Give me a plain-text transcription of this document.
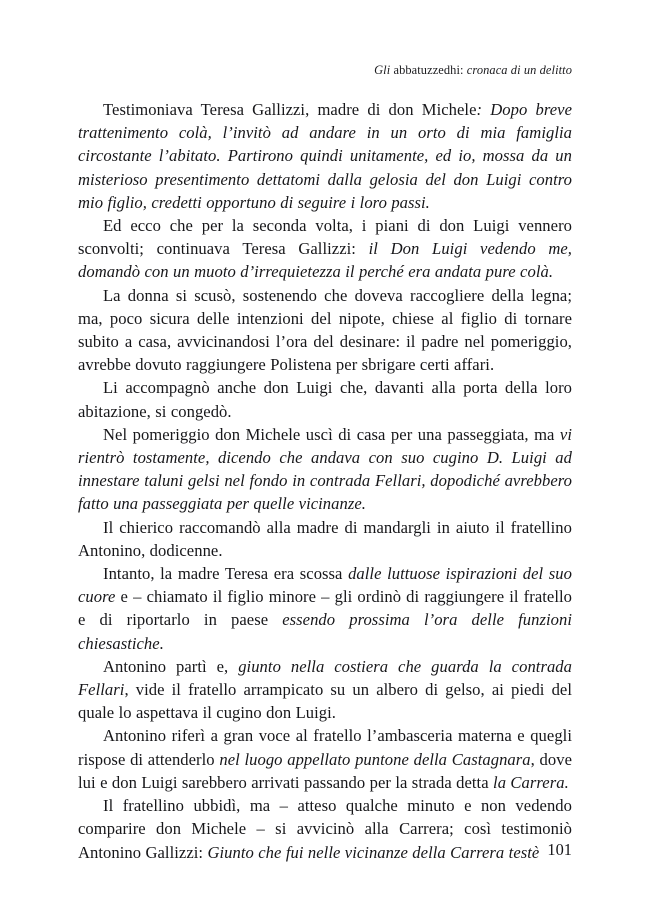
Gli abbatuzzedhi: cronaca di un delitto

Testimoniava Teresa Gallizzi, madre di don Michele: Dopo breve trattenimento colà, l’invitò ad andare in un orto di mia famiglia circostante l’abitato. Partirono quindi unitamente, ed io, mossa da un misterioso presentimento dettatomi dalla gelosia del don Luigi contro mio figlio, credetti opportuno di seguire i loro passi.

Ed ecco che per la seconda volta, i piani di don Luigi vennero sconvolti; continuava Teresa Gallizzi: il Don Luigi vedendo me, domandò con un muoto d’irrequietezza il perché era andata pure colà.

La donna si scusò, sostenendo che doveva raccogliere della legna; ma, poco sicura delle intenzioni del nipote, chiese al figlio di tornare subito a casa, avvicinandosi l’ora del desinare: il padre nel pomeriggio, avrebbe dovuto raggiungere Polistena per sbrigare certi affari.

Li accompagnò anche don Luigi che, davanti alla porta della loro abitazione, si congedò.

Nel pomeriggio don Michele uscì di casa per una passeggiata, ma vi rientrò tostamente, dicendo che andava con suo cugino D. Luigi ad innestare taluni gelsi nel fondo in contrada Fellari, dopodiché avrebbero fatto una passeggiata per quelle vicinanze.

Il chierico raccomandò alla madre di mandargli in aiuto il fratellino Antonino, dodicenne.

Intanto, la madre Teresa era scossa dalle luttuose ispirazioni del suo cuore e – chiamato il figlio minore – gli ordinò di raggiungere il fratello e di riportarlo in paese essendo prossima l’ora delle funzioni chiesastiche.

Antonino partì e, giunto nella costiera che guarda la contrada Fellari, vide il fratello arrampicato su un albero di gelso, ai piedi del quale lo aspettava il cugino don Luigi.

Antonino riferì a gran voce al fratello l’ambasceria materna e quegli rispose di attenderlo nel luogo appellato puntone della Castagnara, dove lui e don Luigi sarebbero arrivati passando per la strada detta la Carrera.

Il fratellino ubbidì, ma – atteso qualche minuto e non vedendo comparire don Michele – si avvicinò alla Carrera; così testimoniò Antonino Gallizzi: Giunto che fui nelle vicinanze della Carrera testè 101
